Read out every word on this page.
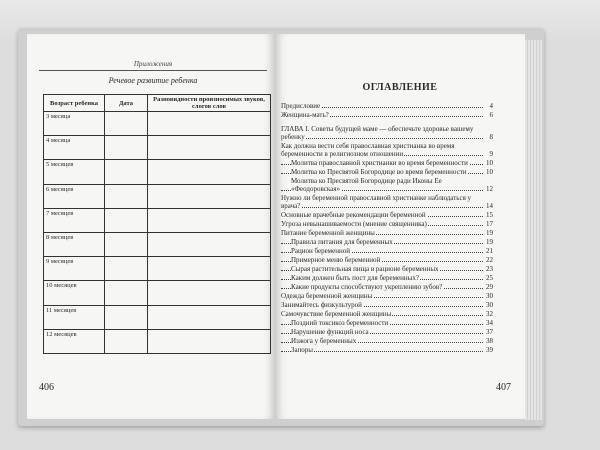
Приложения
Речевое развитие ребенка
Возраст ребенка	Дата	Разновидности произносимых звуков, слогов слов
3 месяца		
4 месяца		
5 месяцев		
6 месяцев		
7 месяцев		
8 месяцев		
9 месяцев		
10 месяцев		
11 месяцев		
12 месяцев		
406
ОГЛАВЛЕНИЕ
Предисловие	4
Женщина-мать?	6
ГЛАВА I. Советы будущей маме — обеспечьте здоровье вашему ребенку	8
Как должна вести себя православная христианка во время беременности в религиозном отношении	9
Молитва православной христианки во время беременности	10
Молитва ко Пресвятой Богородице во время беременности	10
Молитва ко Пресвятой Богородице ради Иконы Ее «Феодоровская»	12
Нужно ли беременной православной христианке наблюдаться у врача?	14
Основные врачебные рекомендации беременной	15
Угроза невынашиваемости (мнение священника)	17
Питание беременной женщины	19
Правила питания для беременных	19
Рацион беременной	21
Примерное меню беременной	22
Сырая растительная пища в рационе беременных	23
Каким должен быть пост для беременных?	25
Какие продукты способствуют укреплению зубов?	29
Одежда беременной женщины	30
Занимайтесь физкультурой	30
Самочувствие беременной женщины	32
Поздний токсикоз беременности	34
Нарушение функций носа	37
Изжога у беременных	38
Запоры	39
407
